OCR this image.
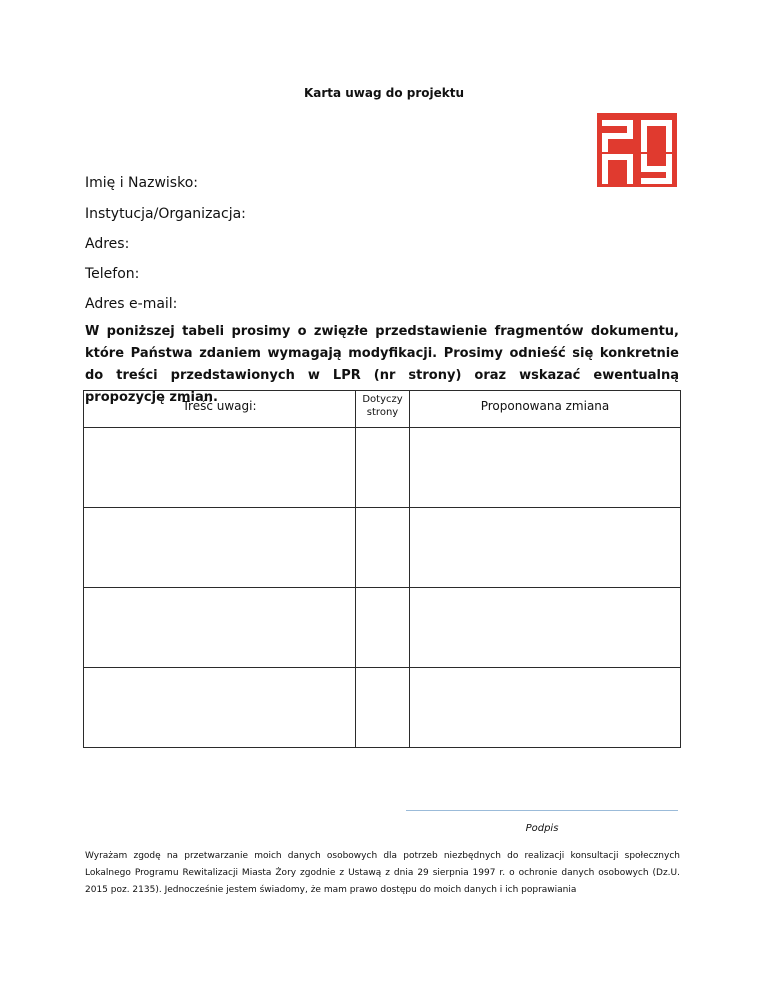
Karta uwag do projektu
Imię i Nazwisko:
Instytucja/Organizacja:
Adres:
Telefon:
Adres e-mail:
W poniższej tabeli prosimy o zwięzłe przedstawienie fragmentów dokumentu, które Państwa zdaniem wymagają modyfikacji. Prosimy odnieść się konkretnie do treści przedstawionych w LPR (nr strony) oraz wskazać ewentualną propozycję zmian.
Treść uwagi:	Dotyczy strony	Proponowana zmiana

Podpis
Wyrażam zgodę na przetwarzanie moich danych osobowych dla potrzeb niezbędnych do realizacji konsultacji społecznych Lokalnego Programu Rewitalizacji Miasta Żory zgodnie z Ustawą z dnia 29 sierpnia 1997 r. o ochronie danych osobowych (Dz.U. 2015 poz. 2135). Jednocześnie jestem świadomy, że mam prawo dostępu do moich danych i ich poprawiania
